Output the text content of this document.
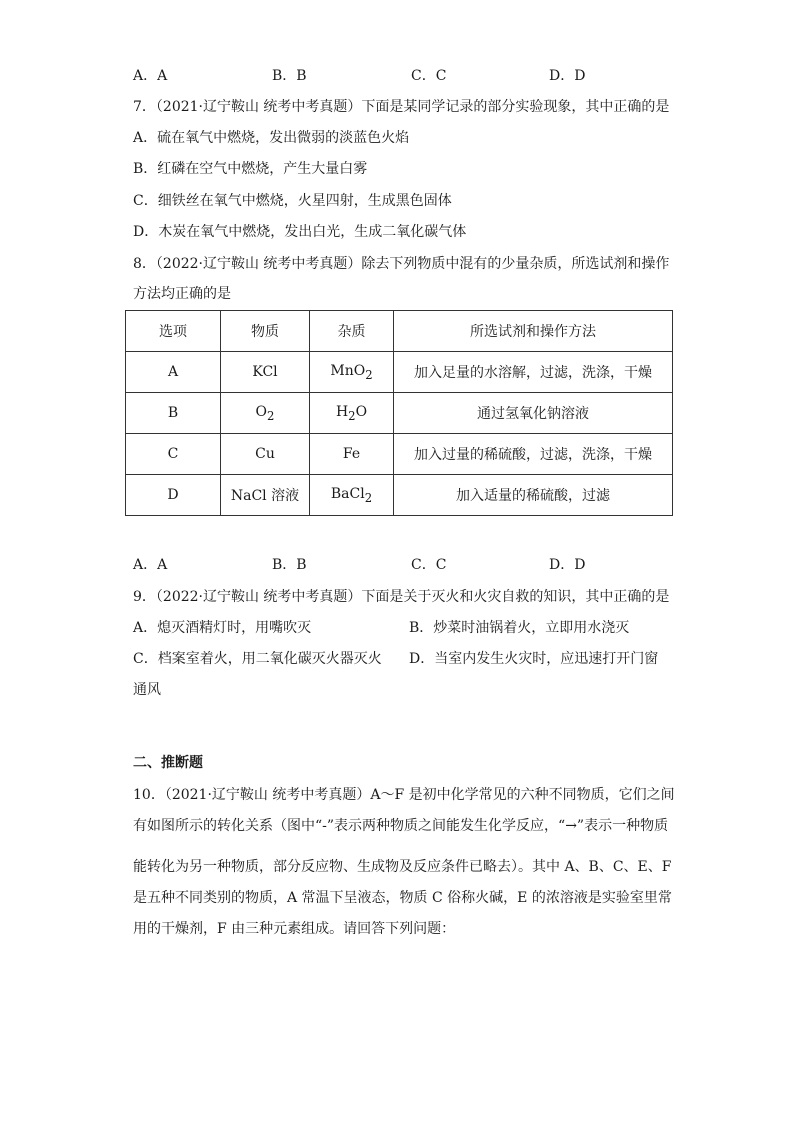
A．A	B．B	C．C	D．D
7．（2021·辽宁鞍山 统考中考真题）下面是某同学记录的部分实验现象，其中正确的是
A．硫在氧气中燃烧，发出微弱的淡蓝色火焰
B．红磷在空气中燃烧，产生大量白雾
C．细铁丝在氧气中燃烧，火星四射，生成黑色固体
D．木炭在氧气中燃烧，发出白光，生成二氧化碳气体
8．（2022·辽宁鞍山 统考中考真题）除去下列物质中混有的少量杂质，所选试剂和操作
方法均正确的是
选项	物质	杂质	所选试剂和操作方法
A	KCl	MnO$_2$	加入足量的水溶解，过滤，洗涤，干燥
B	$O_2$	$H_2O$	通过氢氧化钠溶液
C	Cu	Fe	加入过量的稀硫酸，过滤，洗涤，干燥
D	NaCl 溶液	BaCl$_2$	加入适量的稀硫酸，过滤
A．A	B．B	C．C	D．D
9．（2022·辽宁鞍山 统考中考真题）下面是关于灭火和火灾自救的知识，其中正确的是
A．熄灭酒精灯时，用嘴吹灭	B．炒菜时油锅着火，立即用水浇灭
C．档案室着火，用二氧化碳灭火器灭火 D．当室内发生火灾时，应迅速打开门窗
通风
二、推断题
10．（2021·辽宁鞍山 统考中考真题）A～F 是初中化学常见的六种不同物质，它们之间
有如图所示的转化关系（图中“-”表示两种物质之间能发生化学反应，“→”表示一种物质
能转化为另一种物质，部分反应物、生成物及反应条件已略去）。其中 A、B、C、E、F
是五种不同类别的物质，A 常温下呈液态，物质 C 俗称火碱，E 的浓溶液是实验室里常
用的干燥剂，F 由三种元素组成。请回答下列问题：
